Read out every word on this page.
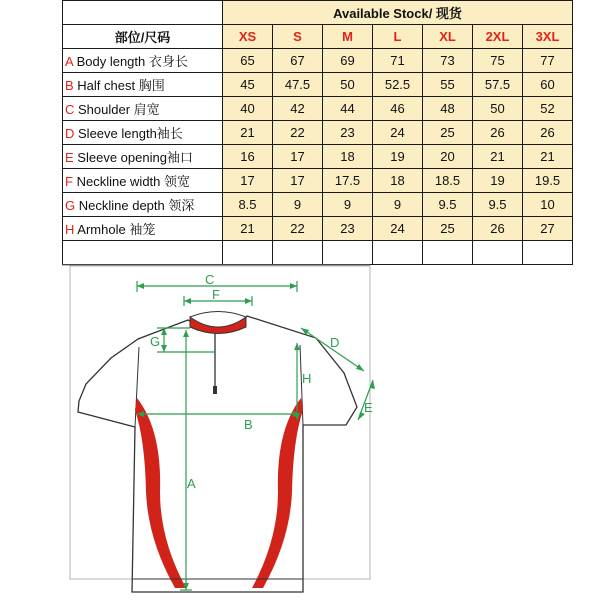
	Available Stock/ 现货						
部位/尺码	XS	S	M	L	XL	2XL	3XL
A Body length 衣身长	65	67	69	71	73	75	77
B Half chest 胸围	45	47.5	50	52.5	55	57.5	60
C Shoulder 肩宽	40	42	44	46	48	50	52
D Sleeve length袖长	21	22	23	24	25	26	26
E Sleeve opening袖口	16	17	18	19	20	21	21
F Neckline width 领宽	17	17	17.5	18	18.5	19	19.5
G Neckline depth 领深	8.5	9	9	9	9.5	9.5	10
H Armhole 袖笼	21	22	23	24	25	26	27

C
F
G
H
D
E
B
A
